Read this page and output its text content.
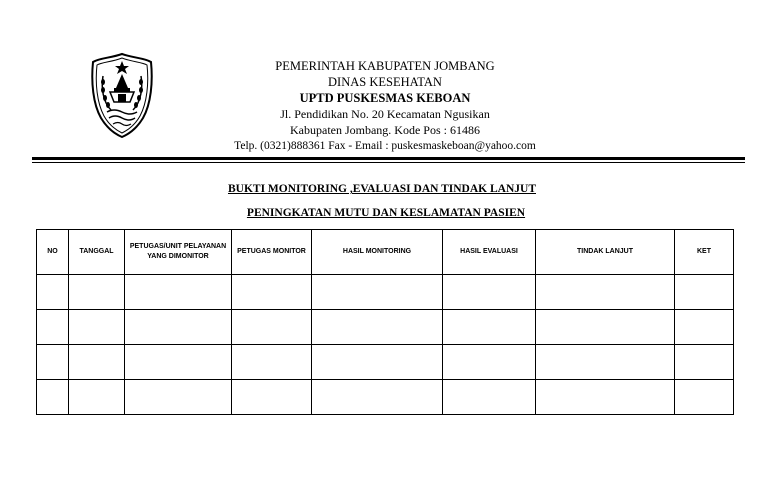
PEMERINTAH KABUPATEN JOMBANG
DINAS KESEHATAN
UPTD PUSKESMAS KEBOAN
Jl. Pendidikan No. 20 Kecamatan Ngusikan
Kabupaten Jombang. Kode Pos : 61486
Telp. (0321)888361 Fax - Email : puskesmaskeboan@yahoo.com
BUKTI MONITORING ,EVALUASI DAN TINDAK LANJUT
PENINGKATAN MUTU DAN KESLAMATAN PASIEN
NO	TANGGAL	PETUGAS/UNIT PELAYANAN YANG DIMONITOR	PETUGAS MONITOR	HASIL MONITORING	HASIL EVALUASI	TINDAK LANJUT	KET
